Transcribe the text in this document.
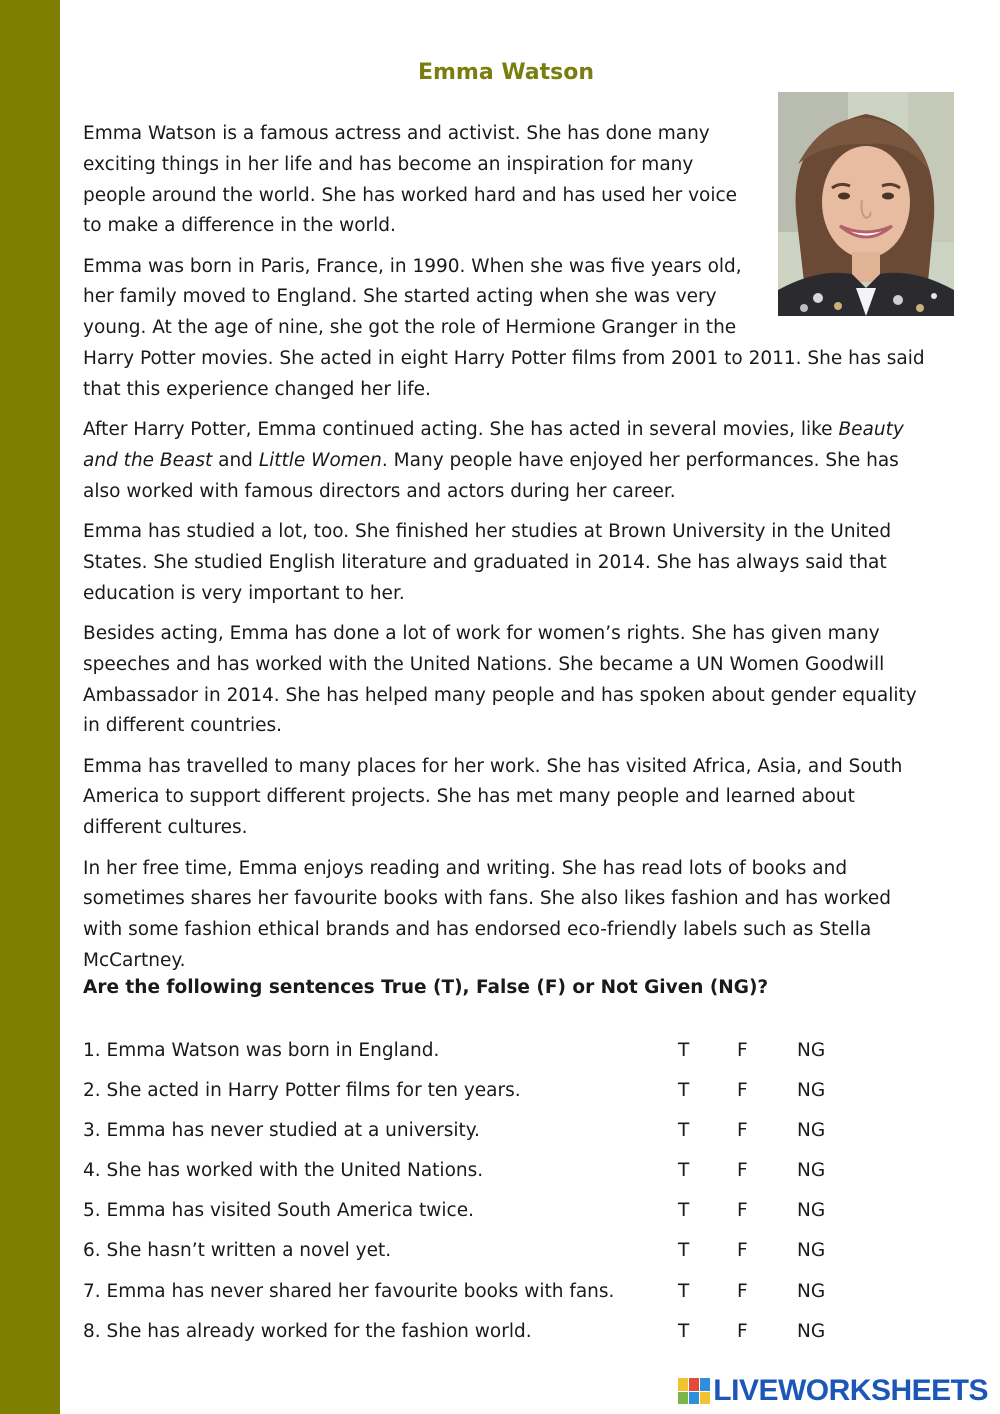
Emma Watson

Emma Watson is a famous actress and activist. She has done many exciting things in her life and has become an inspiration for many people around the world. She has worked hard and has used her voice to make a difference in the world.

Emma was born in Paris, France, in 1990. When she was five years old, her family moved to England. She started acting when she was very young. At the age of nine, she got the role of Hermione Granger in the Harry Potter movies. She acted in eight Harry Potter films from 2001 to 2011. She has said that this experience changed her life.

After Harry Potter, Emma continued acting. She has acted in several movies, like Beauty and the Beast and Little Women. Many people have enjoyed her performances. She has also worked with famous directors and actors during her career.

Emma has studied a lot, too. She finished her studies at Brown University in the United States. She studied English literature and graduated in 2014. She has always said that education is very important to her.

Besides acting, Emma has done a lot of work for women’s rights. She has given many speeches and has worked with the United Nations. She became a UN Women Goodwill Ambassador in 2014. She has helped many people and has spoken about gender equality in different countries.

Emma has travelled to many places for her work. She has visited Africa, Asia, and South America to support different projects. She has met many people and learned about different cultures.

In her free time, Emma enjoys reading and writing. She has read lots of books and sometimes shares her favourite books with fans. She also likes fashion and has worked with some fashion ethical brands and has endorsed eco-friendly labels such as Stella McCartney.

Are the following sentences True (T), False (F) or Not Given (NG)?

1. Emma Watson was born in England.	T	F	NG
2. She acted in Harry Potter films for ten years.	T	F	NG
3. Emma has never studied at a university.	T	F	NG
4. She has worked with the United Nations.	T	F	NG
5. Emma has visited South America twice.	T	F	NG
6. She hasn’t written a novel yet.	T	F	NG
7. Emma has never shared her favourite books with fans.	T	F	NG
8. She has already worked for the fashion world.	T	F	NG
LIVEWORKSHEETS
